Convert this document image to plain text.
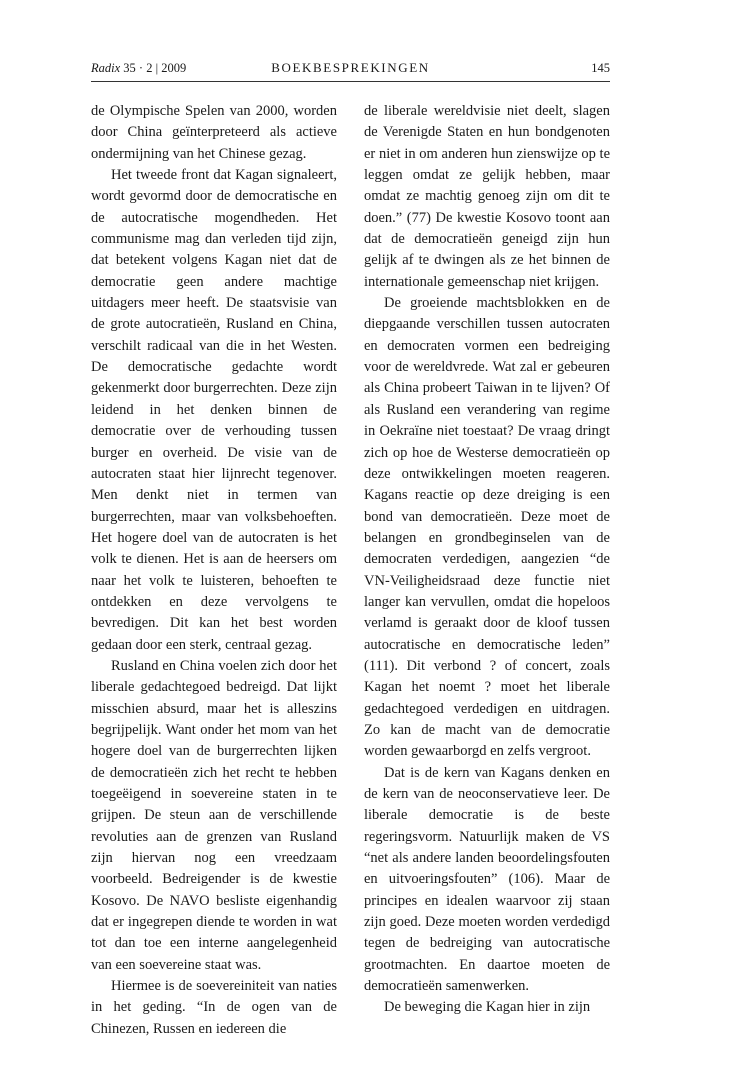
Radix 35 · 2 | 2009	BOEKBESPREKINGEN	145

de Olympische Spelen van 2000, worden door China geïnterpreteerd als actieve ondermijning van het Chinese gezag.

Het tweede front dat Kagan signaleert, wordt gevormd door de democratische en de autocratische mogendheden. Het communisme mag dan verleden tijd zijn, dat betekent volgens Kagan niet dat de democratie geen andere machtige uitdagers meer heeft. De staatsvisie van de grote autocratieën, Rusland en China, verschilt radicaal van die in het Westen. De democratische gedachte wordt gekenmerkt door burgerrechten. Deze zijn leidend in het denken binnen de democratie over de verhouding tussen burger en overheid. De visie van de autocraten staat hier lijnrecht tegenover. Men denkt niet in termen van burgerrechten, maar van volksbehoeften. Het hogere doel van de autocraten is het volk te dienen. Het is aan de heersers om naar het volk te luisteren, behoeften te ontdekken en deze vervolgens te bevredigen. Dit kan het best worden gedaan door een sterk, centraal gezag.

Rusland en China voelen zich door het liberale gedachtegoed bedreigd. Dat lijkt misschien absurd, maar het is alleszins begrijpelijk. Want onder het mom van het hogere doel van de burgerrechten lijken de democratieën zich het recht te hebben toegeëigend in soevereine staten in te grijpen. De steun aan de verschillende revoluties aan de grenzen van Rusland zijn hiervan nog een vreedzaam voorbeeld. Bedreigender is de kwestie Kosovo. De NAVO besliste eigenhandig dat er ingegrepen diende te worden in wat tot dan toe een interne aangelegenheid van een soevereine staat was.

Hiermee is de soevereiniteit van naties in het geding. “In de ogen van de Chinezen, Russen en iedereen die

de liberale wereldvisie niet deelt, slagen de Verenigde Staten en hun bondgenoten er niet in om anderen hun zienswijze op te leggen omdat ze gelijk hebben, maar omdat ze machtig genoeg zijn om dit te doen.” (77) De kwestie Kosovo toont aan dat de democratieën geneigd zijn hun gelijk af te dwingen als ze het binnen de internationale gemeenschap niet krijgen.

De groeiende machtsblokken en de diepgaande verschillen tussen autocraten en democraten vormen een bedreiging voor de wereldvrede. Wat zal er gebeuren als China probeert Taiwan in te lijven? Of als Rusland een verandering van regime in Oekraïne niet toestaat? De vraag dringt zich op hoe de Westerse democratieën op deze ontwikkelingen moeten reageren. Kagans reactie op deze dreiging is een bond van democratieën. Deze moet de belangen en grondbeginselen van de democraten verdedigen, aangezien “de VN-Veiligheidsraad deze functie niet langer kan vervullen, omdat die hopeloos verlamd is geraakt door de kloof tussen autocratische en democratische leden” (111). Dit verbond ? of concert, zoals Kagan het noemt ? moet het liberale gedachtegoed verdedigen en uitdragen. Zo kan de macht van de democratie worden gewaarborgd en zelfs vergroot.

Dat is de kern van Kagans denken en de kern van de neoconservatieve leer. De liberale democratie is de beste regeringsvorm. Natuurlijk maken de VS “net als andere landen beoordelingsfouten en uitvoeringsfouten” (106). Maar de principes en idealen waarvoor zij staan zijn goed. Deze moeten worden verdedigd tegen de bedreiging van autocratische grootmachten. En daartoe moeten de democratieën samenwerken.

De beweging die Kagan hier in zijn
